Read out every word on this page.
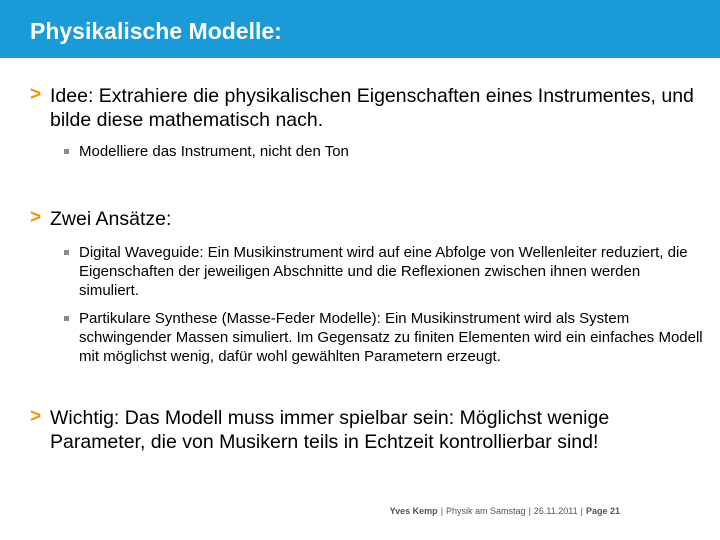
Physikalische Modelle:
> Idee: Extrahiere die physikalischen Eigenschaften eines Instrumentes, und bilde diese mathematisch nach.
Modelliere das Instrument, nicht den Ton
> Zwei Ansätze:
Digital Waveguide: Ein Musikinstrument wird auf eine Abfolge von Wellenleiter reduziert, die Eigenschaften der jeweiligen Abschnitte und die Reflexionen zwischen ihnen werden simuliert.
Partikulare Synthese (Masse-Feder Modelle): Ein Musikinstrument wird als System schwingender Massen simuliert. Im Gegensatz zu finiten Elementen wird ein einfaches Modell mit möglichst wenig, dafür wohl gewählten Parametern erzeugt.
> Wichtig: Das Modell muss immer spielbar sein: Möglichst wenige Parameter, die von Musikern teils in Echtzeit kontrollierbar sind!
Yves Kemp | Physik am Samstag | 26.11.2011 | Page 21
